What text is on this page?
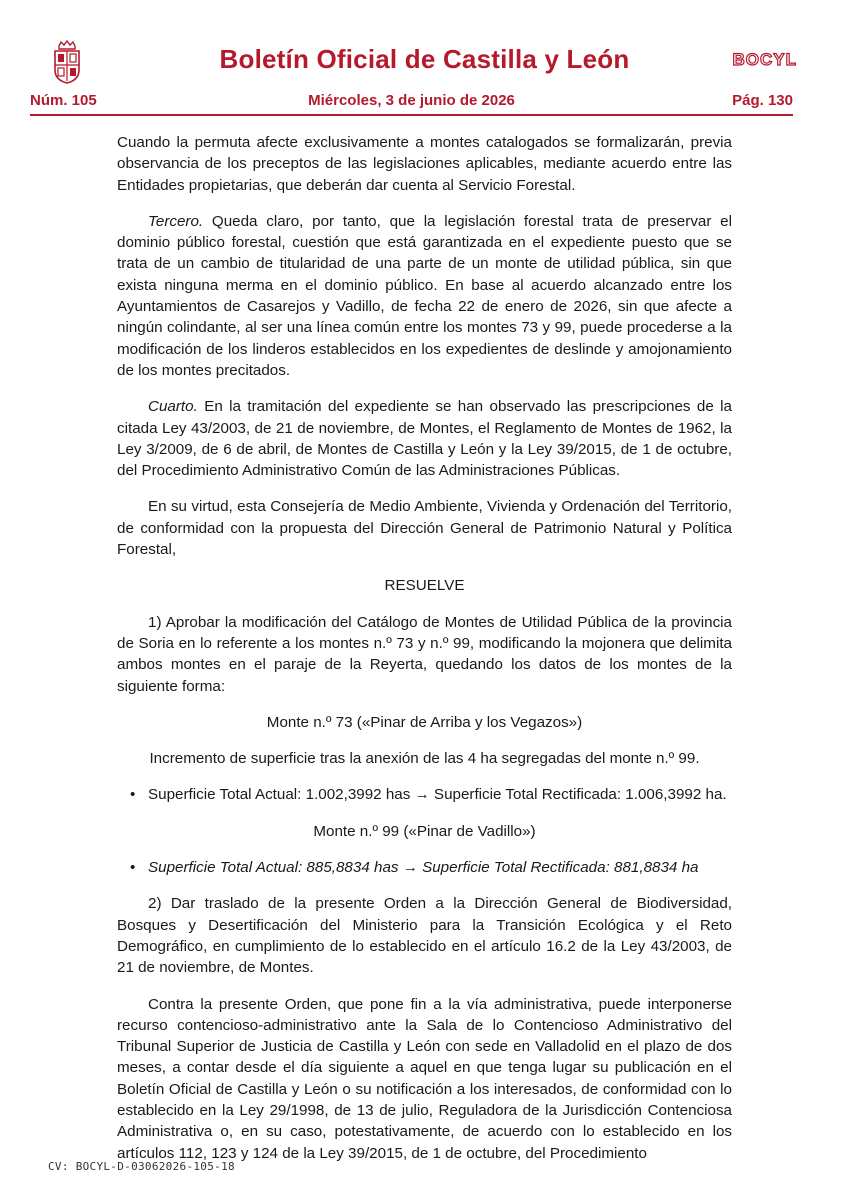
Boletín Oficial de Castilla y León	BOCYL
Miércoles, 3 de junio de 2026
Núm. 105	Pág. 130

Cuando la permuta afecte exclusivamente a montes catalogados se formalizarán, previa observancia de los preceptos de las legislaciones aplicables, mediante acuerdo entre las Entidades propietarias, que deberán dar cuenta al Servicio Forestal.

Tercero. Queda claro, por tanto, que la legislación forestal trata de preservar el dominio público forestal, cuestión que está garantizada en el expediente puesto que se trata de un cambio de titularidad de una parte de un monte de utilidad pública, sin que exista ninguna merma en el dominio público. En base al acuerdo alcanzado entre los Ayuntamientos de Casarejos y Vadillo, de fecha 22 de enero de 2026, sin que afecte a ningún colindante, al ser una línea común entre los montes 73 y 99, puede procederse a la modificación de los linderos establecidos en los expedientes de deslinde y amojonamiento de los montes precitados.

Cuarto. En la tramitación del expediente se han observado las prescripciones de la citada Ley 43/2003, de 21 de noviembre, de Montes, el Reglamento de Montes de 1962, la Ley 3/2009, de 6 de abril, de Montes de Castilla y León y la Ley 39/2015, de 1 de octubre, del Procedimiento Administrativo Común de las Administraciones Públicas.

En su virtud, esta Consejería de Medio Ambiente, Vivienda y Ordenación del Territorio, de conformidad con la propuesta del Dirección General de Patrimonio Natural y Política Forestal,

RESUELVE

1) Aprobar la modificación del Catálogo de Montes de Utilidad Pública de la provincia de Soria en lo referente a los montes n.º 73 y n.º 99, modificando la mojonera que delimita ambos montes en el paraje de la Reyerta, quedando los datos de los montes de la siguiente forma:

Monte n.º 73 («Pinar de Arriba y los Vegazos»)

Incremento de superficie tras la anexión de las 4 ha segregadas del monte n.º 99.

• Superficie Total Actual: 1.002,3992 has → Superficie Total Rectificada: 1.006,3992 ha.

Monte n.º 99 («Pinar de Vadillo»)

• Superficie Total Actual: 885,8834 has → Superficie Total Rectificada: 881,8834 ha

2) Dar traslado de la presente Orden a la Dirección General de Biodiversidad, Bosques y Desertificación del Ministerio para la Transición Ecológica y el Reto Demográfico, en cumplimiento de lo establecido en el artículo 16.2 de la Ley 43/2003, de 21 de noviembre, de Montes.

Contra la presente Orden, que pone fin a la vía administrativa, puede interponerse recurso contencioso-administrativo ante la Sala de lo Contencioso Administrativo del Tribunal Superior de Justicia de Castilla y León con sede en Valladolid en el plazo de dos meses, a contar desde el día siguiente a aquel en que tenga lugar su publicación en el Boletín Oficial de Castilla y León o su notificación a los interesados, de conformidad con lo establecido en la Ley 29/1998, de 13 de julio, Reguladora de la Jurisdicción Contenciosa Administrativa o, en su caso, potestativamente, de acuerdo con lo establecido en los artículos 112, 123 y 124 de la Ley 39/2015, de 1 de octubre, del Procedimiento

CV: BOCYL-D-03062026-105-18
